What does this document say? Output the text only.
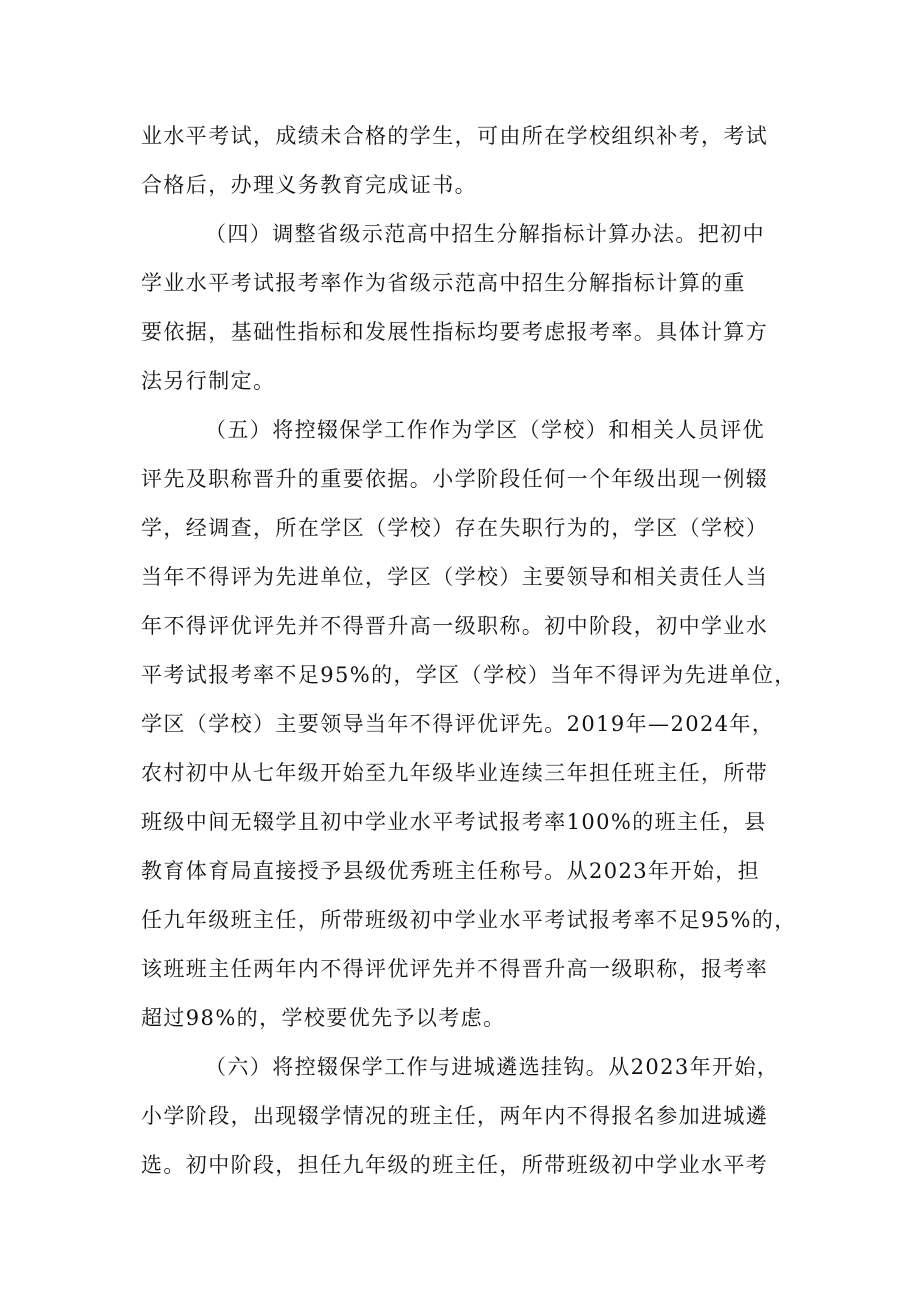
业水平考试，成绩未合格的学生，可由所在学校组织补考，考试
合格后，办理义务教育完成证书。
（四）调整省级示范高中招生分解指标计算办法。把初中
学业水平考试报考率作为省级示范高中招生分解指标计算的重
要依据，基础性指标和发展性指标均要考虑报考率。具体计算方
法另行制定。
（五）将控辍保学工作作为学区（学校）和相关人员评优
评先及职称晋升的重要依据。小学阶段任何一个年级出现一例辍
学，经调查，所在学区（学校）存在失职行为的，学区（学校）
当年不得评为先进单位，学区（学校）主要领导和相关责任人当
年不得评优评先并不得晋升高一级职称。初中阶段，初中学业水
平考试报考率不足95%的，学区（学校）当年不得评为先进单位，
学区（学校）主要领导当年不得评优评先。2019年—2024年，
农村初中从七年级开始至九年级毕业连续三年担任班主任，所带
班级中间无辍学且初中学业水平考试报考率100%的班主任，县
教育体育局直接授予县级优秀班主任称号。从2023年开始，担
任九年级班主任，所带班级初中学业水平考试报考率不足95%的，
该班班主任两年内不得评优评先并不得晋升高一级职称，报考率
超过98%的，学校要优先予以考虑。
（六）将控辍保学工作与进城遴选挂钩。从2023年开始，
小学阶段，出现辍学情况的班主任，两年内不得报名参加进城遴
选。初中阶段，担任九年级的班主任，所带班级初中学业水平考
